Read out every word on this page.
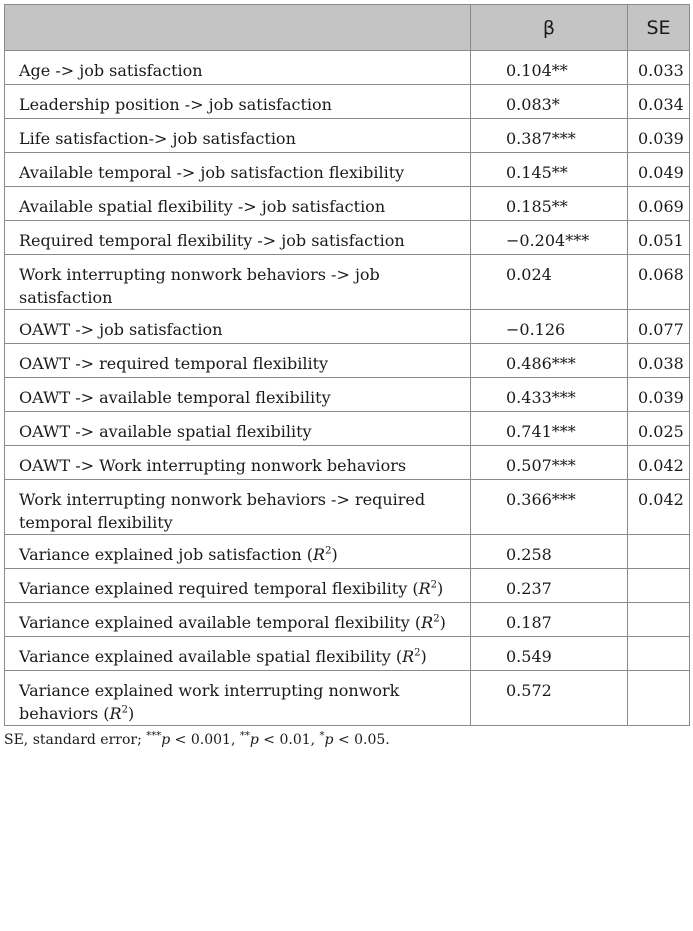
	β	SE
Age -> job satisfaction	0.104**	0.033
Leadership position -> job satisfaction	0.083*	0.034
Life satisfaction-> job satisfaction	0.387***	0.039
Available temporal -> job satisfaction flexibility	0.145**	0.049
Available spatial flexibility -> job satisfaction	0.185**	0.069
Required temporal flexibility -> job satisfaction	−0.204***	0.051
Work interrupting nonwork behaviors -> job satisfaction	0.024	0.068
OAWT -> job satisfaction	−0.126	0.077
OAWT -> required temporal flexibility	0.486***	0.038
OAWT -> available temporal flexibility	0.433***	0.039
OAWT -> available spatial flexibility	0.741***	0.025
OAWT -> Work interrupting nonwork behaviors	0.507***	0.042
Work interrupting nonwork behaviors -> required temporal flexibility	0.366***	0.042
Variance explained job satisfaction $(R^2)$	0.258	
Variance explained required temporal flexibility $(R^2)$	0.237	
Variance explained available temporal flexibility $(R^2)$	0.187	
Variance explained available spatial flexibility $(R^2)$	0.549	
Variance explained work interrupting nonwork behaviors $(R^2)$	0.572	
SE, standard error; ***p < 0.001, **p < 0.01, *p < 0.05.
